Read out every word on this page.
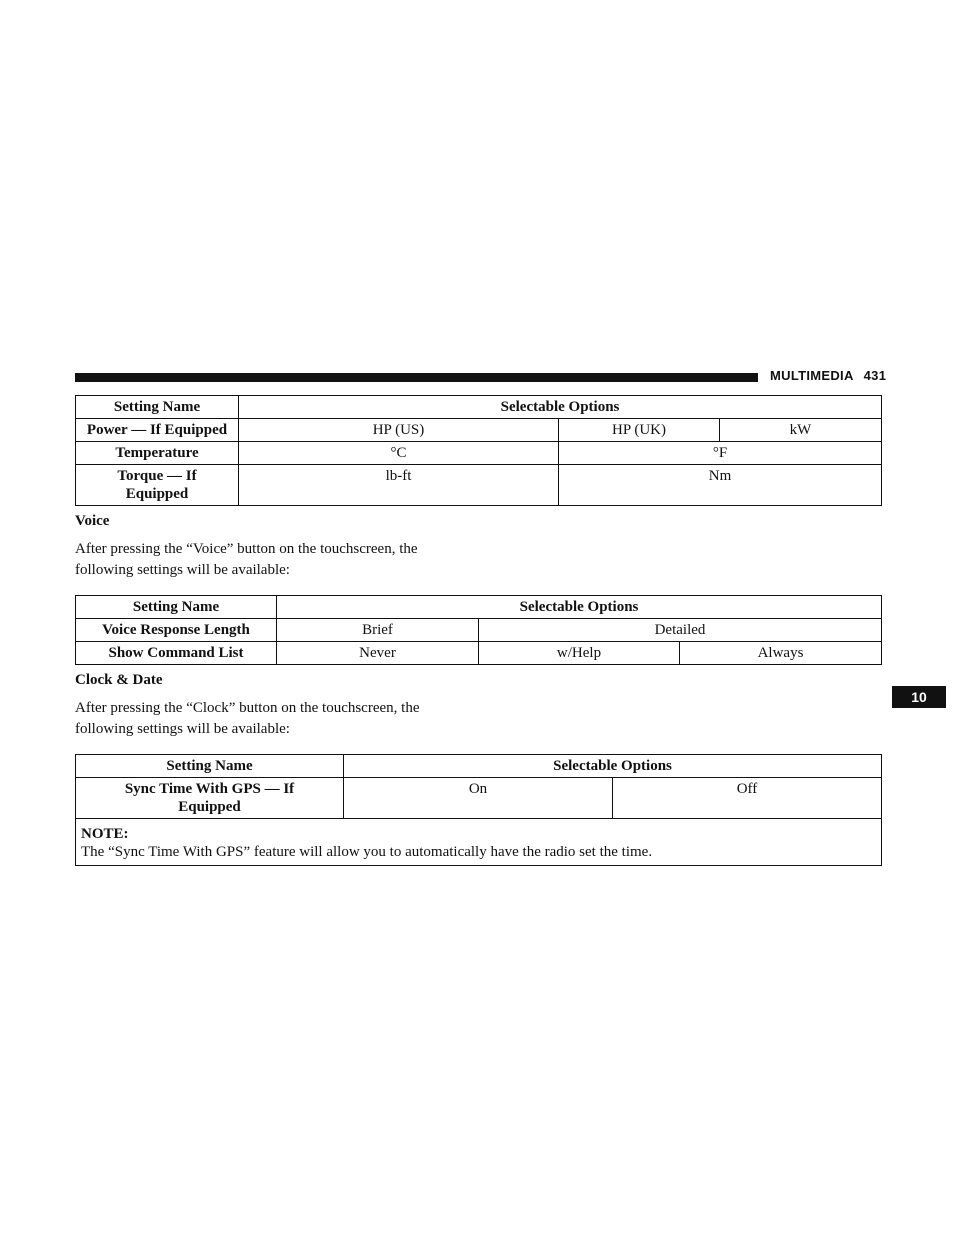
MULTIMEDIA 431
10
Setting Name	Selectable Options		
Power — If Equipped	HP (US)	HP (UK)	kW
Temperature	°C	°F	
Torque — If Equipped	lb-ft	Nm	
Voice

After pressing the “Voice” button on the touchscreen, the
following settings will be available:

Setting Name	Selectable Options		
Voice Response Length	Brief	Detailed	
Show Command List	Never	w/Help	Always
Clock & Date

After pressing the “Clock” button on the touchscreen, the
following settings will be available:

Setting Name	Selectable Options	
Sync Time With GPS — If Equipped	On	Off

NOTE:
The “Sync Time With GPS” feature will allow you to automatically have the radio set the time.		
